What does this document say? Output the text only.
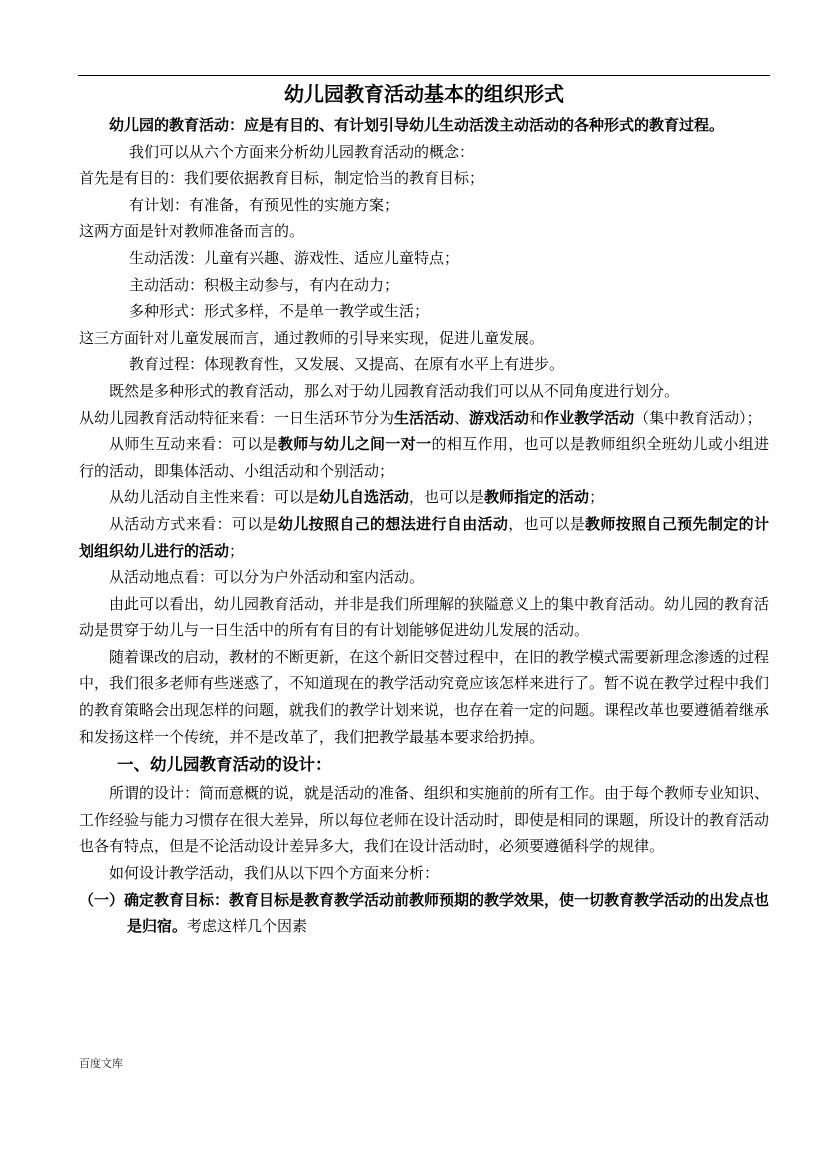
幼儿园教育活动基本的组织形式

幼儿园的教育活动：应是有目的、有计划引导幼儿生动活泼主动活动的各种形式的教育过程。

我们可以从六个方面来分析幼儿园教育活动的概念：

首先是有目的：我们要依据教育目标，制定恰当的教育目标；

有计划：有准备，有预见性的实施方案；

这两方面是针对教师准备而言的。

生动活泼：儿童有兴趣、游戏性、适应儿童特点；

主动活动：积极主动参与，有内在动力；

多种形式：形式多样，不是单一教学或生活；

这三方面针对儿童发展而言，通过教师的引导来实现，促进儿童发展。

教育过程：体现教育性，又发展、又提高、在原有水平上有进步。

既然是多种形式的教育活动，那么对于幼儿园教育活动我们可以从不同角度进行划分。

从幼儿园教育活动特征来看：一日生活环节分为生活活动、游戏活动和作业教学活动（集中教育活动）；

从师生互动来看：可以是教师与幼儿之间一对一的相互作用，也可以是教师组织全班幼儿或小组进行的活动，即集体活动、小组活动和个别活动；

从幼儿活动自主性来看：可以是幼儿自选活动，也可以是教师指定的活动；

从活动方式来看：可以是幼儿按照自己的想法进行自由活动，也可以是教师按照自己预先制定的计划组织幼儿进行的活动；

从活动地点看：可以分为户外活动和室内活动。

由此可以看出，幼儿园教育活动，并非是我们所理解的狭隘意义上的集中教育活动。幼儿园的教育活动是贯穿于幼儿与一日生活中的所有有目的有计划能够促进幼儿发展的活动。

随着课改的启动，教材的不断更新，在这个新旧交替过程中，在旧的教学模式需要新理念渗透的过程中，我们很多老师有些迷惑了，不知道现在的教学活动究竟应该怎样来进行了。暂不说在教学过程中我们的教育策略会出现怎样的问题，就我们的教学计划来说，也存在着一定的问题。课程改革也要遵循着继承和发扬这样一个传统，并不是改革了，我们把教学最基本要求给扔掉。

一、幼儿园教育活动的设计：

所谓的设计：简而意概的说，就是活动的准备、组织和实施前的所有工作。由于每个教师专业知识、工作经验与能力习惯存在很大差异，所以每位老师在设计活动时，即使是相同的课题，所设计的教育活动也各有特点，但是不论活动设计差异多大，我们在设计活动时，必须要遵循科学的规律。

如何设计教学活动，我们从以下四个方面来分析：

（一）确定教育目标：教育目标是教育教学活动前教师预期的教学效果，使一切教育教学活动的出发点也是归宿。考虑这样几个因素

百度文库
